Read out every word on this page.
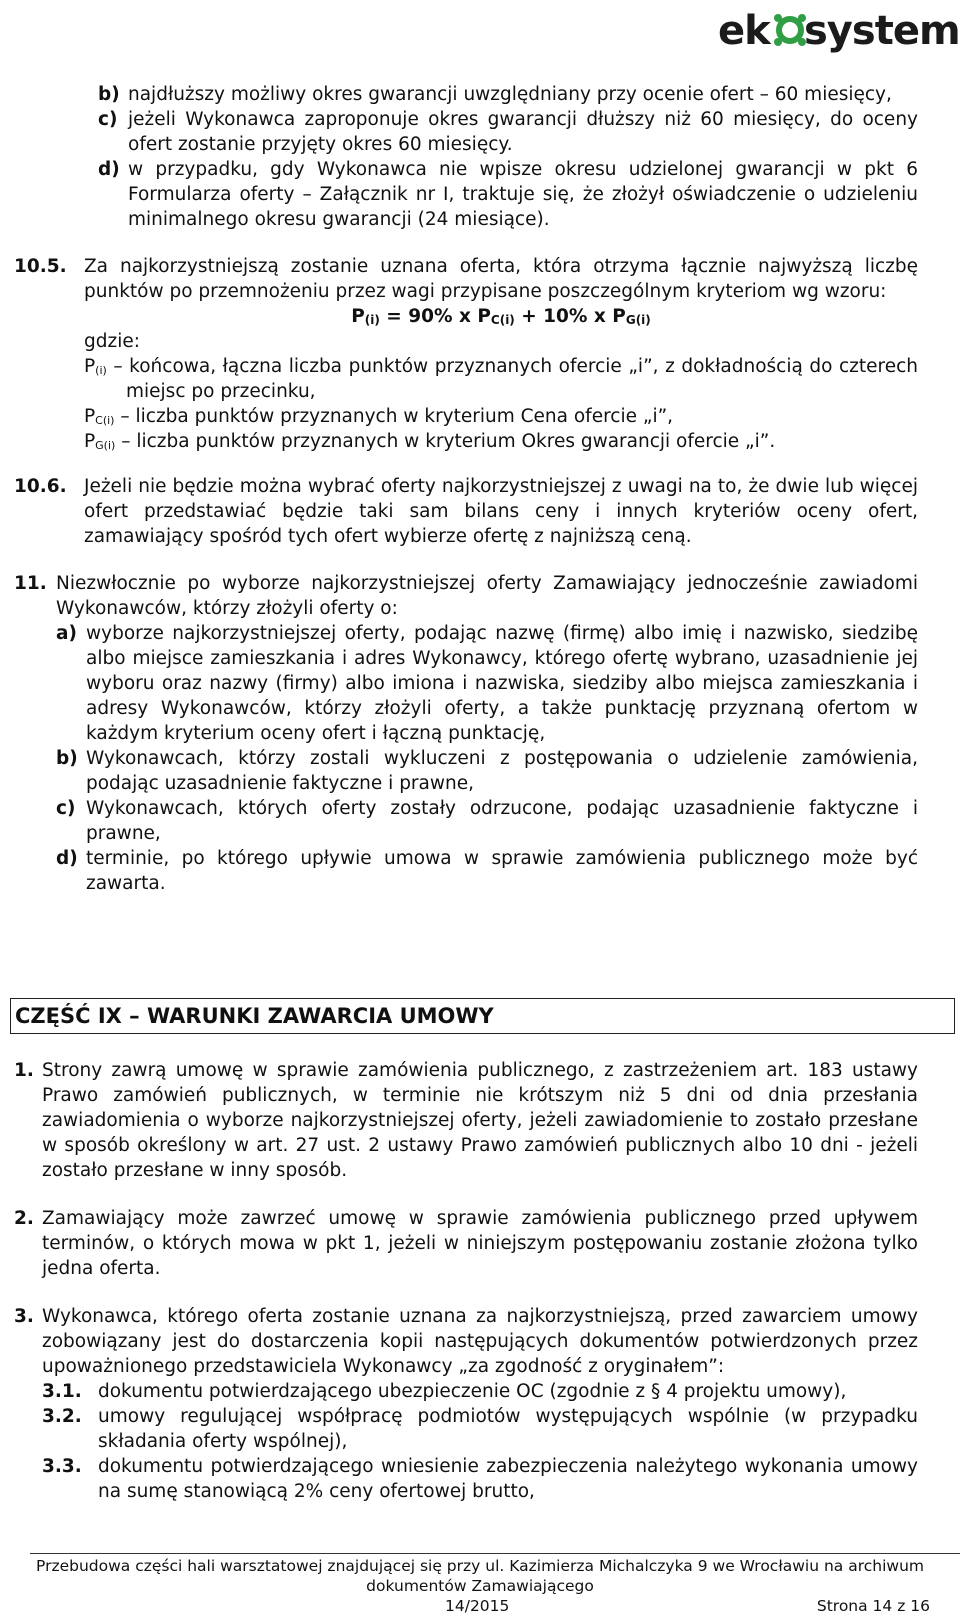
ek system
b) najdłuższy możliwy okres gwarancji uwzględniany przy ocenie ofert – 60 miesięcy,
c) jeżeli Wykonawca zaproponuje okres gwarancji dłuższy niż 60 miesięcy, do oceny ofert zostanie przyjęty okres 60 miesięcy.
d) w przypadku, gdy Wykonawca nie wpisze okresu udzielonej gwarancji w pkt 6 Formularza oferty – Załącznik nr I, traktuje się, że złożył oświadczenie o udzieleniu minimalnego okresu gwarancji (24 miesiące).
10.5. Za najkorzystniejszą zostanie uznana oferta, która otrzyma łącznie najwyższą liczbę punktów po przemnożeniu przez wagi przypisane poszczególnym kryteriom wg wzoru:
$P_{(i)} = 90\%$ x $P_{C(i)} + 10\%$ x $P_{G(i)}$
gdzie:
$P_{(i)}$ – końcowa, łączna liczba punktów przyznanych ofercie „i”, z dokładnością do czterech miejsc po przecinku,
$P_{C(i)}$ – liczba punktów przyznanych w kryterium Cena ofercie „i”,
$P_{G(i)}$ – liczba punktów przyznanych w kryterium Okres gwarancji ofercie „i”.
10.6. Jeżeli nie będzie można wybrać oferty najkorzystniejszej z uwagi na to, że dwie lub więcej ofert przedstawiać będzie taki sam bilans ceny i innych kryteriów oceny ofert, zamawiający spośród tych ofert wybierze ofertę z najniższą ceną.
11. Niezwłocznie po wyborze najkorzystniejszej oferty Zamawiający jednocześnie zawiadomi Wykonawców, którzy złożyli oferty o:
a) wyborze najkorzystniejszej oferty, podając nazwę (firmę) albo imię i nazwisko, siedzibę albo miejsce zamieszkania i adres Wykonawcy, którego ofertę wybrano, uzasadnienie jej wyboru oraz nazwy (firmy) albo imiona i nazwiska, siedziby albo miejsca zamieszkania i adresy Wykonawców, którzy złożyli oferty, a także punktację przyznaną ofertom w każdym kryterium oceny ofert i łączną punktację,
b) Wykonawcach, którzy zostali wykluczeni z postępowania o udzielenie zamówienia, podając uzasadnienie faktyczne i prawne,
c) Wykonawcach, których oferty zostały odrzucone, podając uzasadnienie faktyczne i prawne,
d) terminie, po którego upływie umowa w sprawie zamówienia publicznego może być zawarta.
CZĘŚĆ IX – WARUNKI ZAWARCIA UMOWY
1. Strony zawrą umowę w sprawie zamówienia publicznego, z zastrzeżeniem art. 183 ustawy Prawo zamówień publicznych, w terminie nie krótszym niż 5 dni od dnia przesłania zawiadomienia o wyborze najkorzystniejszej oferty, jeżeli zawiadomienie to zostało przesłane w sposób określony w art. 27 ust. 2 ustawy Prawo zamówień publicznych albo 10 dni - jeżeli zostało przesłane w inny sposób.
2. Zamawiający może zawrzeć umowę w sprawie zamówienia publicznego przed upływem terminów, o których mowa w pkt 1, jeżeli w niniejszym postępowaniu zostanie złożona tylko jedna oferta.
3. Wykonawca, którego oferta zostanie uznana za najkorzystniejszą, przed zawarciem umowy zobowiązany jest do dostarczenia kopii następujących dokumentów potwierdzonych przez upoważnionego przedstawiciela Wykonawcy „za zgodność z oryginałem”:
3.1. dokumentu potwierdzającego ubezpieczenie OC (zgodnie z § 4 projektu umowy),
3.2. umowy regulującej współpracę podmiotów występujących wspólnie (w przypadku składania oferty wspólnej),
3.3. dokumentu potwierdzającego wniesienie zabezpieczenia należytego wykonania umowy na sumę stanowiącą 2% ceny ofertowej brutto,
Przebudowa części hali warsztatowej znajdującej się przy ul. Kazimierza Michalczyka 9 we Wrocławiu na archiwum
dokumentów Zamawiającego
14/2015	Strona 14 z 16
